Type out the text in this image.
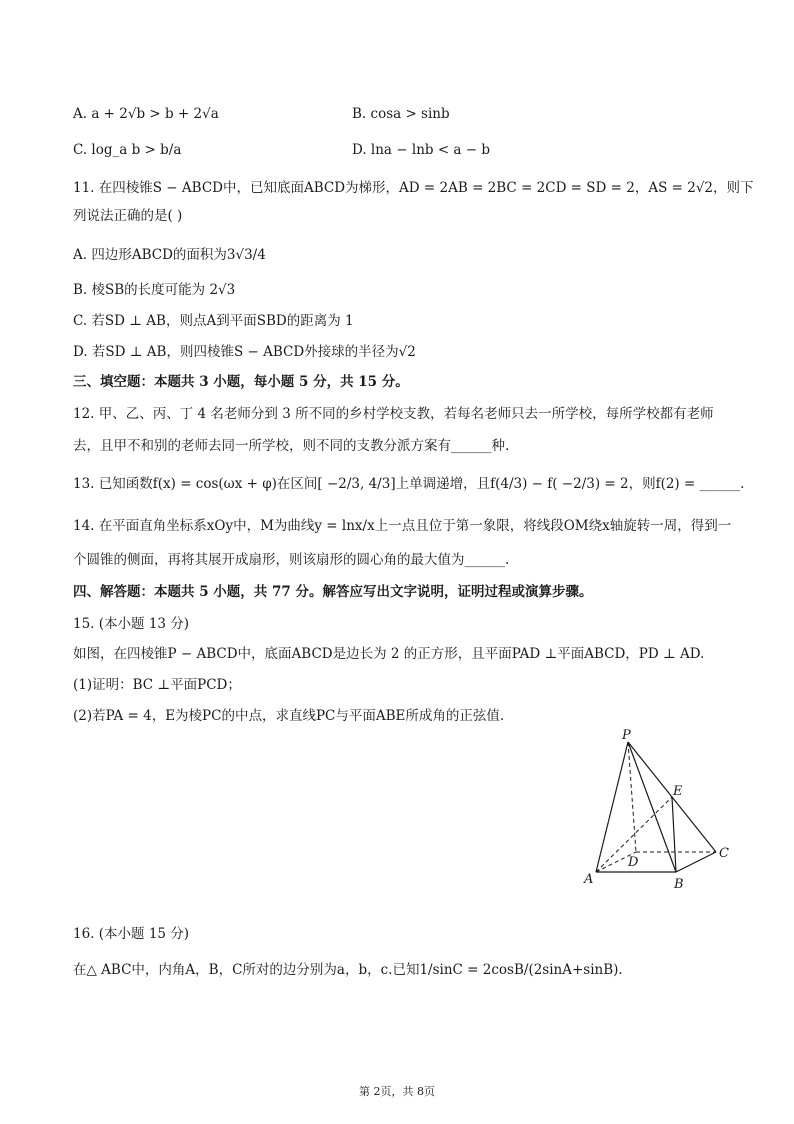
A. a + 2√b > b + 2√a	B. cosa > sinb
C. log_a b > b/a	D. lna − lnb < a − b
11. 在四棱锥S − ABCD中，已知底面ABCD为梯形，AD = 2AB = 2BC = 2CD = SD = 2，AS = 2√2，则下
列说法正确的是( )
A. 四边形ABCD的面积为3√3/4
B. 棱SB的长度可能为 2√3
C. 若SD ⊥ AB，则点A到平面SBD的距离为 1
D. 若SD ⊥ AB，则四棱锥S − ABCD外接球的半径为√2
三、填空题：本题共 3 小题，每小题 5 分，共 15 分。
12. 甲、乙、丙、丁 4 名老师分到 3 所不同的乡村学校支教，若每名老师只去一所学校，每所学校都有老师
去，且甲不和别的老师去同一所学校，则不同的支教分派方案有______种.
13. 已知函数f(x) = cos(ωx + φ)在区间[ −2/3, 4/3]上单调递增，且f(4/3) − f( −2/3) = 2，则f(2) = ______.
14. 在平面直角坐标系xOy中，M为曲线y = lnx/x上一点且位于第一象限，将线段OM绕x轴旋转一周，得到一
个圆锥的侧面，再将其展开成扇形，则该扇形的圆心角的最大值为______.
四、解答题：本题共 5 小题，共 77 分。解答应写出文字说明，证明过程或演算步骤。
15. (本小题 13 分)
如图，在四棱锥P − ABCD中，底面ABCD是边长为 2 的正方形，且平面PAD ⊥平面ABCD，PD ⊥ AD.
(1)证明：BC ⊥平面PCD；
(2)若PA = 4，E为棱PC的中点，求直线PC与平面ABE所成角的正弦值.
P
E
D
C
A	B
16. (本小题 15 分)
在△ ABC中，内角A，B，C所对的边分别为a，b，c.已知1/sinC = 2cosB/(2sinA+sinB).
第 2页，共 8页
